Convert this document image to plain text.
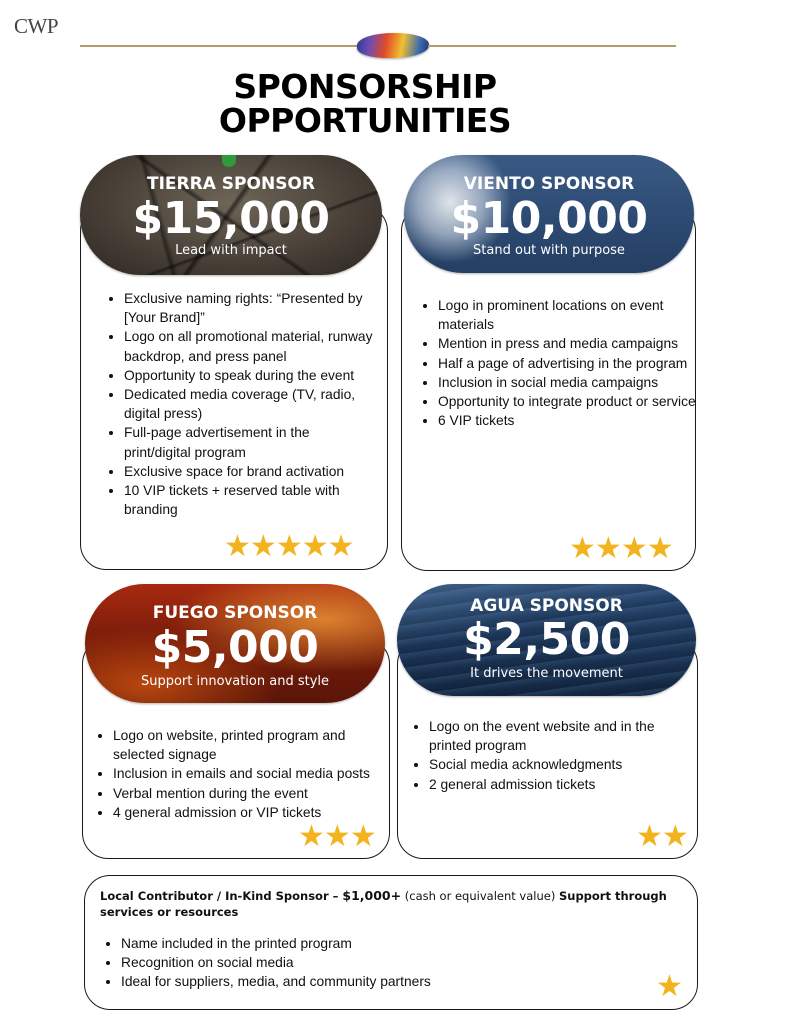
CWP
SPONSORSHIP
OPPORTUNITIES
TIERRA SPONSOR
$15,000
Lead with impact
• Exclusive naming rights: “Presented by [Your Brand]”
• Logo on all promotional material, runway backdrop, and press panel
• Opportunity to speak during the event
• Dedicated media coverage (TV, radio, digital press)
• Full-page advertisement in the print/digital program
• Exclusive space for brand activation
• 10 VIP tickets + reserved table with branding
★★★★★
VIENTO SPONSOR
$10,000
Stand out with purpose
• Logo in prominent locations on event materials
• Mention in press and media campaigns
• Half a page of advertising in the program
• Inclusion in social media campaigns
• Opportunity to integrate product or service
• 6 VIP tickets
★★★★
FUEGO SPONSOR
$5,000
Support innovation and style
• Logo on website, printed program and selected signage
• Inclusion in emails and social media posts
• Verbal mention during the event
• 4 general admission or VIP tickets
★★★
AGUA SPONSOR
$2,500
It drives the movement
• Logo on the event website and in the printed program
• Social media acknowledgments
• 2 general admission tickets
★★
Local Contributor / In-Kind Sponsor – $1,000+ (cash or equivalent value) Support through services or resources
• Name included in the printed program
• Recognition on social media
• Ideal for suppliers, media, and community partners	★
